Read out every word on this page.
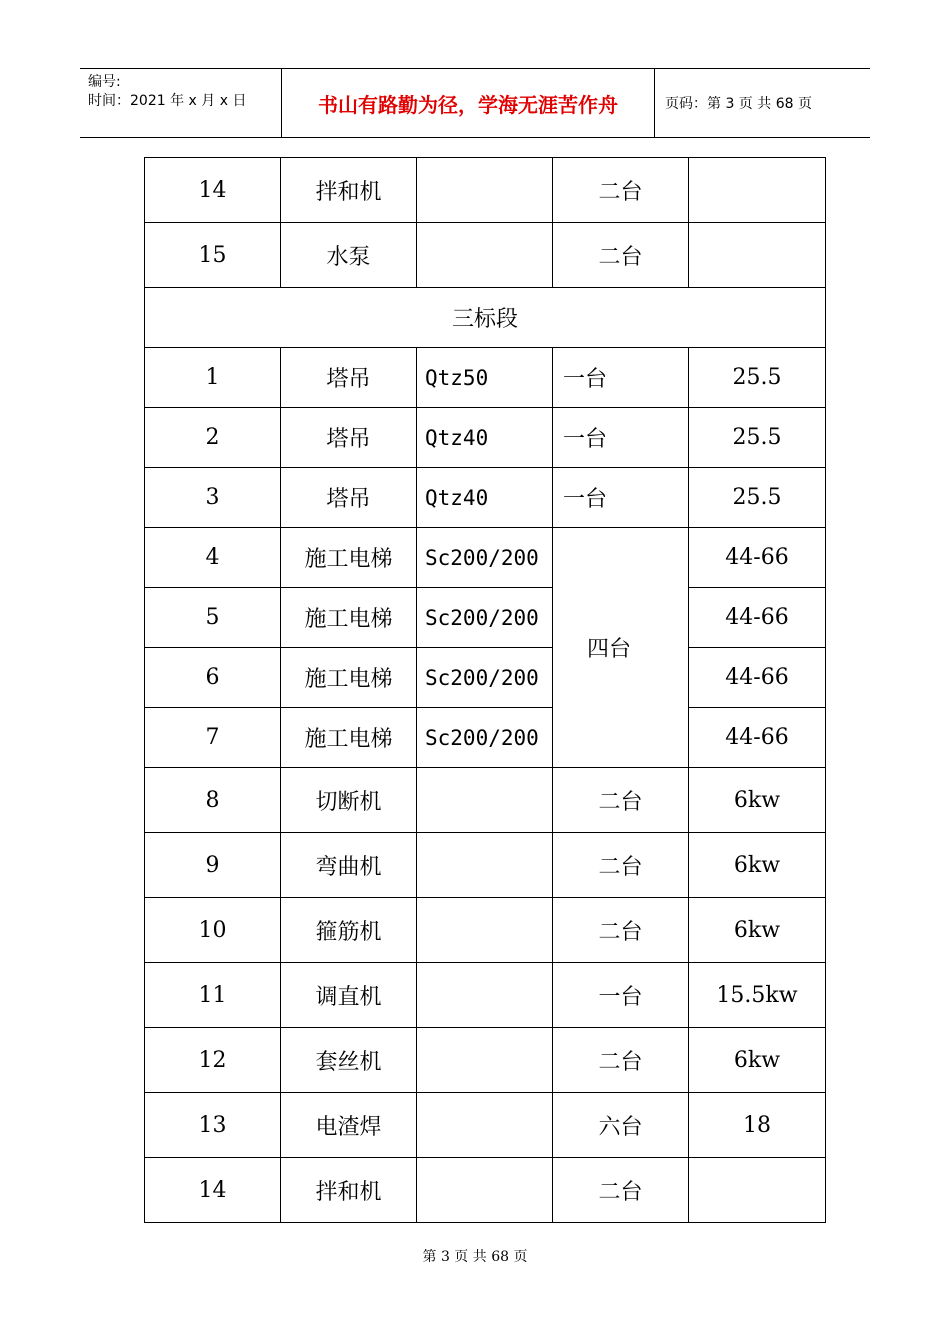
编号:
时间：2021 年 x 月 x 日	书山有路勤为径，学海无涯苦作舟	页码：第 3 页 共 68 页
14	拌和机		二台	
15	水泵		二台	
三标段				
1	塔吊	Qtz50	一台	25.5
2	塔吊	Qtz40	一台	25.5
3	塔吊	Qtz40	一台	25.5
4	施工电梯	Sc200/200	四台	44-66
5	施工电梯	Sc200/200		44-66
6	施工电梯	Sc200/200		44-66
7	施工电梯	Sc200/200		44-66
8	切断机		二台	6kw
9	弯曲机		二台	6kw
10	箍筋机		二台	6kw
11	调直机		一台	15.5kw
12	套丝机		二台	6kw
13	电渣焊		六台	18
14	拌和机		二台	
第 3 页 共 68 页
